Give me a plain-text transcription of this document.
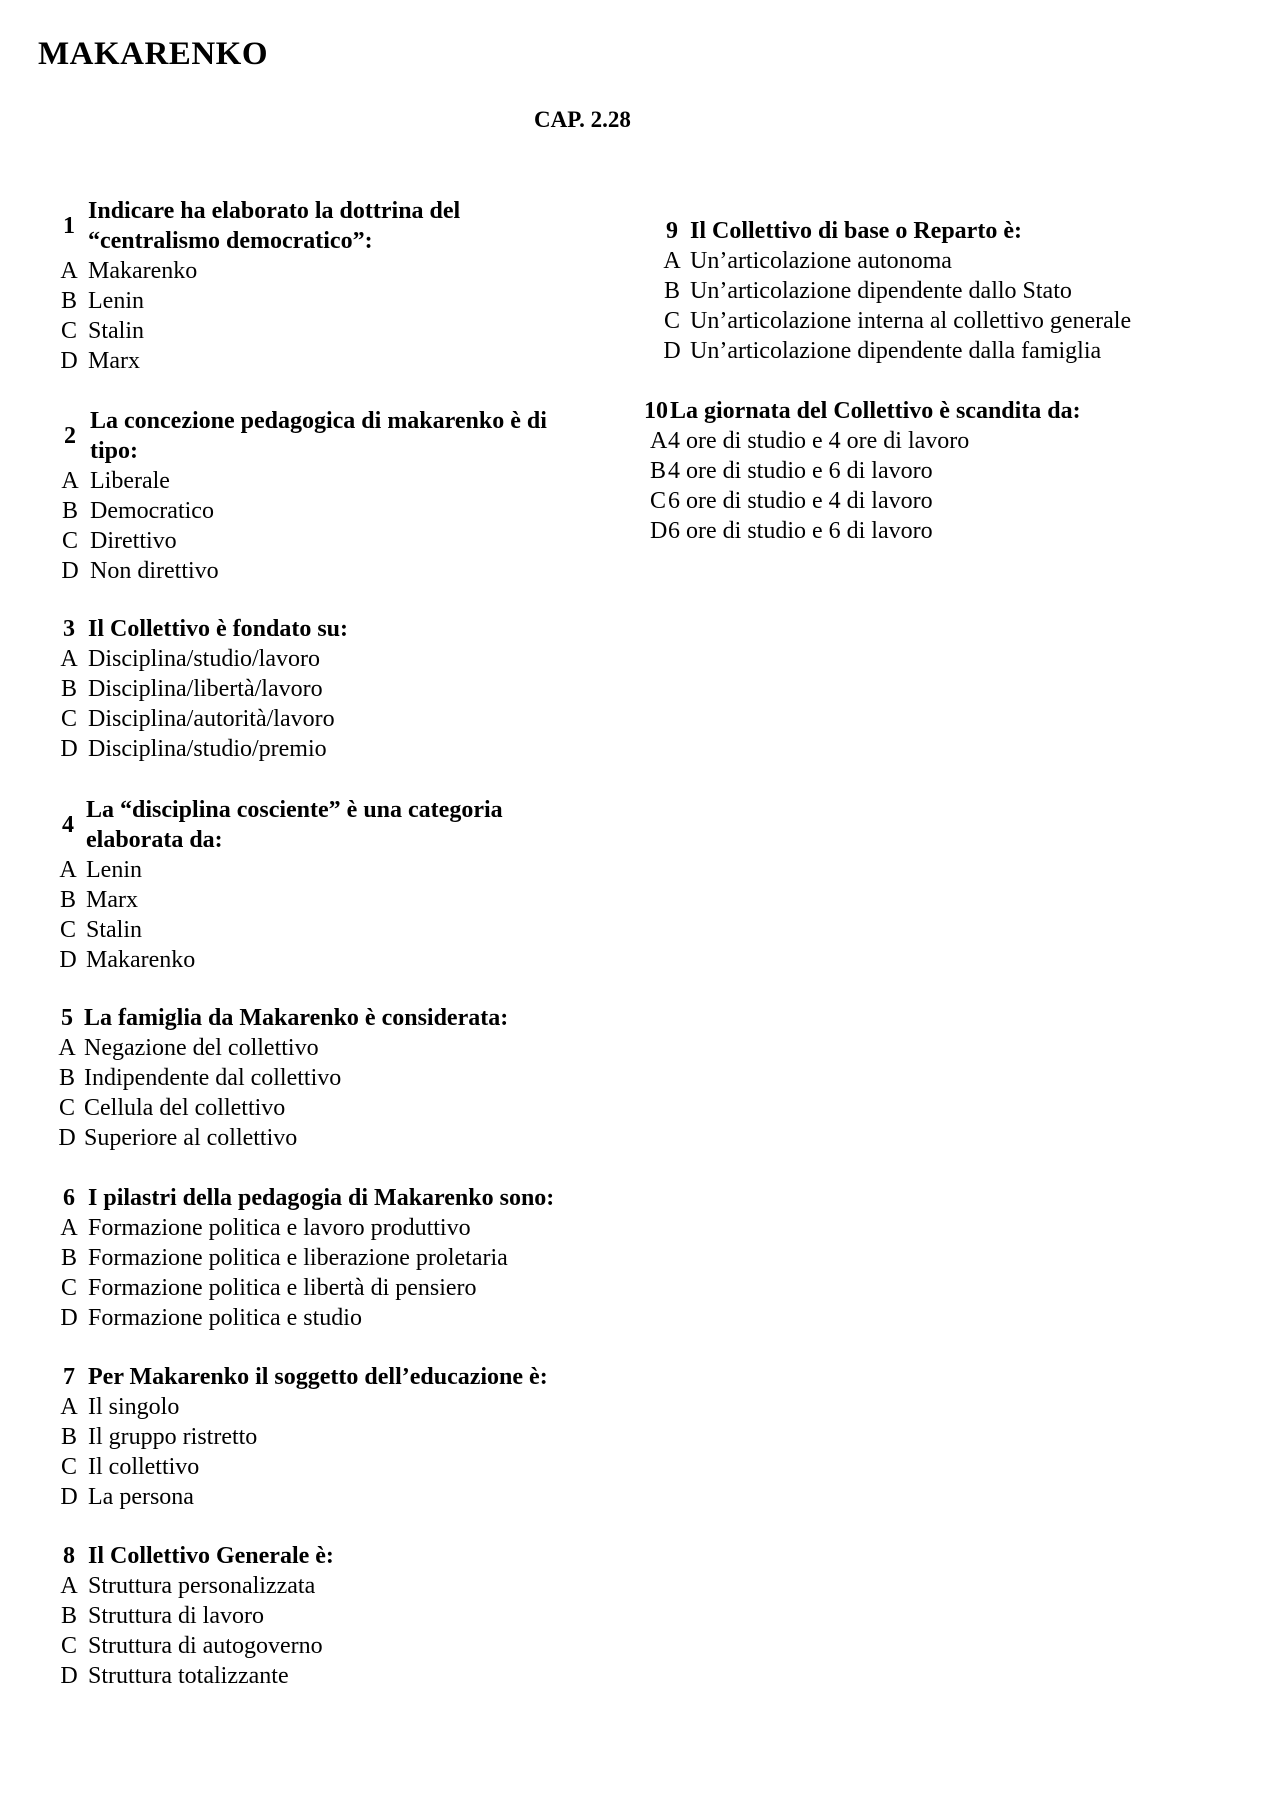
MAKARENKO
CAP. 2.28
1
Indicare ha elaborato la dottrina del “centralismo democratico”:
A Makarenko
B Lenin
C Stalin
D Marx
2
La concezione pedagogica di makarenko è di tipo:
A Liberale
B Democratico
C Direttivo
D Non direttivo
3 Il Collettivo è fondato su:
A Disciplina/studio/lavoro
B Disciplina/libertà/lavoro
C Disciplina/autorità/lavoro
D Disciplina/studio/premio
4
La “disciplina cosciente” è una categoria elaborata da:
A Lenin
B Marx
C Stalin
D Makarenko
5 La famiglia da Makarenko è considerata:
A Negazione del collettivo
B Indipendente dal collettivo
C Cellula del collettivo
D Superiore al collettivo
6 I pilastri della pedagogia di Makarenko sono:
A Formazione politica e lavoro produttivo
B Formazione politica e liberazione proletaria
C Formazione politica e libertà di pensiero
D Formazione politica e studio
7 Per Makarenko il soggetto dell’educazione è:
A Il singolo
B Il gruppo ristretto
C Il collettivo
D La persona
8 Il Collettivo Generale è:
A Struttura personalizzata
B Struttura di lavoro
C Struttura di autogoverno
D Struttura totalizzante
9 Il Collettivo di base o Reparto è:
A Un’articolazione autonoma
B Un’articolazione dipendente dallo Stato
C Un’articolazione interna al collettivo generale
D Un’articolazione dipendente dalla famiglia
10 La giornata del Collettivo è scandita da:
A 4 ore di studio e 4 ore di lavoro
B 4 ore di studio e 6 di lavoro
C 6 ore di studio e 4 di lavoro
D 6 ore di studio e 6 di lavoro
